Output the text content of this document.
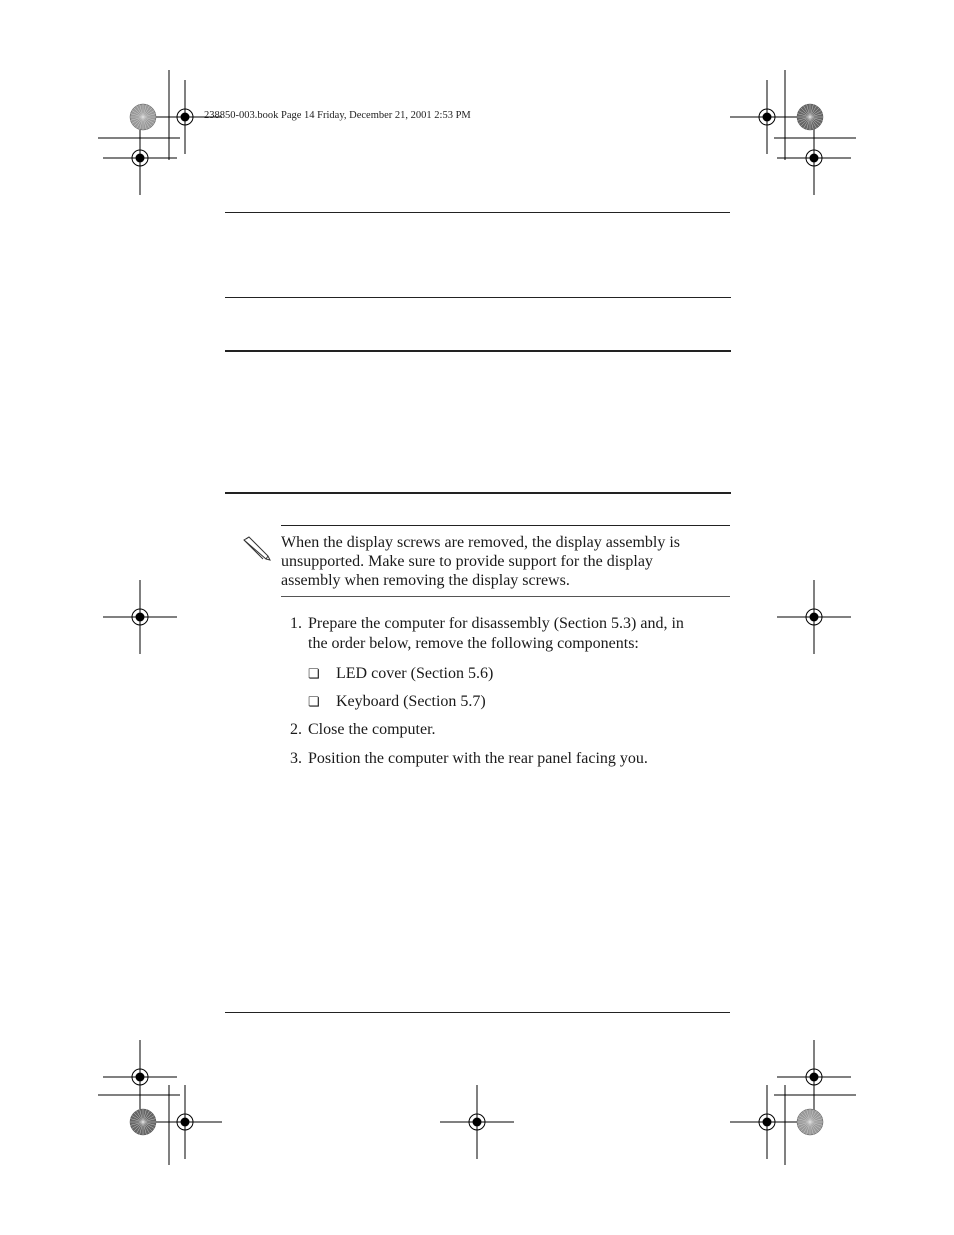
238850-003.book Page 14 Friday, December 21, 2001 2:53 PM
When the display screws are removed, the display assembly is
unsupported. Make sure to provide support for the display
assembly when removing the display screws.
1. Prepare the computer for disassembly (Section 5.3) and, in
the order below, remove the following components:
❏ LED cover (Section 5.6)
❏ Keyboard (Section 5.7)
2. Close the computer.
3. Position the computer with the rear panel facing you.
